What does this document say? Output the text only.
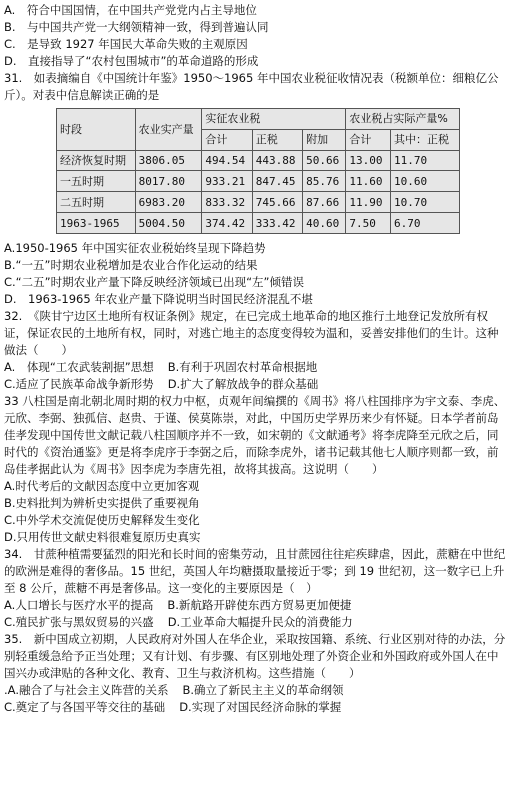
A.　符合中国国情，在中国共产党党内占主导地位
B.　与中国共产党一大纲领精神一致，得到普遍认同
C.　是导致 1927 年国民大革命失败的主观原因
D.　直接指导了“农村包围城市”的革命道路的形成
31.　如表摘编自《中国统计年鉴》1950～1965 年中国农业税征收情况表（税额单位：细粮亿公斤）。对表中信息解读正确的是
时段	农业实产量	实征农业税			农业税占实际产量%	
		合计	正税	附加	合计	其中：正税
经济恢复时期	3806.05	494.54	443.88	50.66	13.00	11.70
一五时期	8017.80	933.21	847.45	85.76	11.60	10.60
二五时期	6983.20	833.32	745.66	87.66	11.90	10.70
1963-1965	5004.50	374.42	333.42	40.60	7.50	6.70
A.1950-1965 年中国实征农业税始终呈现下降趋势
B.“一五”时期农业税增加是农业合作化运动的结果
C.“二五”时期农业产量下降反映经济领域已出现“左”倾错误
D.　1963-1965 年农业产量下降说明当时国民经济混乱不堪
32.　《陕甘宁边区土地所有权证条例》规定，在已完成土地革命的地区推行土地登记发放所有权证，保证农民的土地所有权，同时，对逃亡地主的态度变得较为温和，妥善安排他们的生计。这种做法（　　）
A.　体现“工农武装割据”思想 B.有利于巩固农村革命根据地
C.适应了民族革命战争新形势 D.扩大了解放战争的群众基础
33 八柱国是南北朝北周时期的权力中枢，贞观年间编撰的《周书》将八柱国排序为宇文泰、李虎、元欣、李弼、独孤信、赵贵、于谨、侯莫陈崇，对此，中国历史学界历来少有怀疑。日本学者前岛佳孝发现中国传世文献记载八柱国顺序并不一致，如宋朝的《文献通考》将李虎降至元欣之后，同时代的《资治通鉴》更是将李虎序于李弼之后，而除李虎外，诸书记载其他七人顺序则都一致，前岛佳孝据此认为《周书》因李虎为李唐先祖，故将其拔高。这说明（　　）
A.时代考后的文献因态度中立更加客观
B.史料批判为辨析史实提供了重要视角
C.中外学术交流促使历史解释发生变化
D.只用传世文献史料很难复原历史真实
34.　甘蔗种植需要猛烈的阳光和长时间的密集劳动，且甘蔗园往往疟疾肆虐，因此，蔗糖在中世纪的欧洲是难得的奢侈品。15 世纪，英国人年均糖摄取量接近于零；到 19 世纪初，这一数字已上升至 8 公斤，蔗糖不再是奢侈品。这一变化的主要原因是（　）
A.人口增长与医疗水平的提高 B.新航路开辟使东西方贸易更加便捷
C.殖民扩张与黑奴贸易的兴盛 D.工业革命大幅提升民众的消费能力
35.　新中国成立初期，人民政府对外国人在华企业，采取按国籍、系统、行业区别对待的办法，分别轻重缓急给予正当处理；又有计划、有步骤、有区别地处理了外资企业和外国政府或外国人在中国兴办或津贴的各种文化、教育、卫生与救济机构。这些措施（　　）
.A.融合了与社会主义阵营的关系 B.确立了新民主主义的革命纲领
C.奠定了与各国平等交往的基础 D.实现了对国民经济命脉的掌握
